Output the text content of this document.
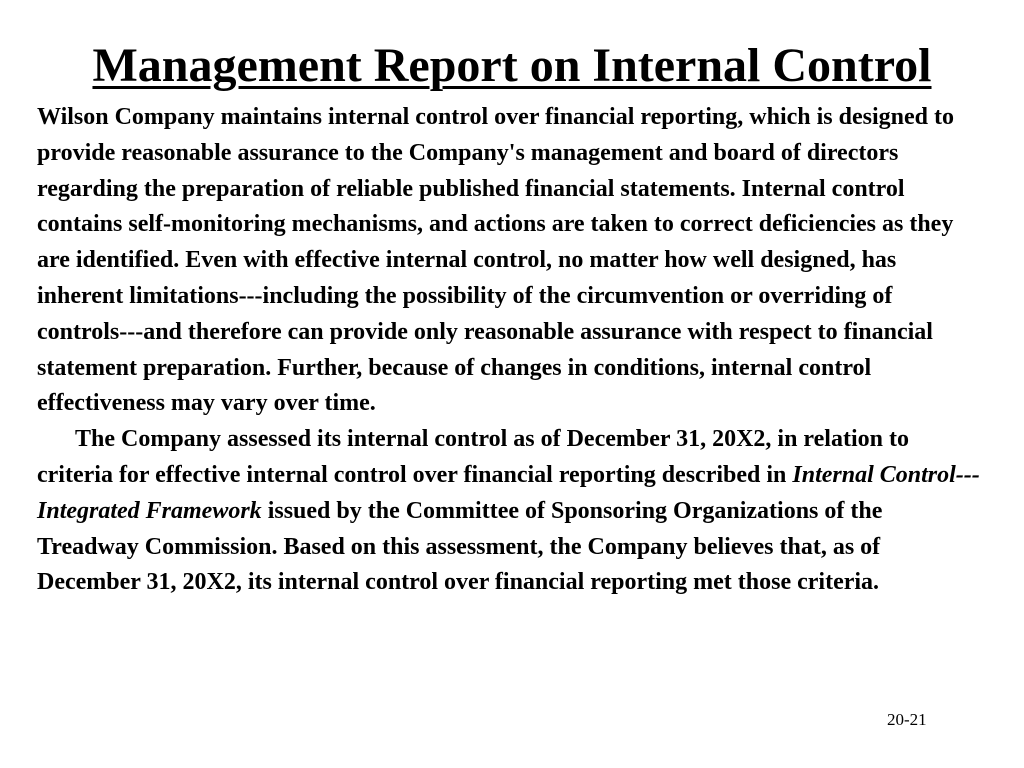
Management Report on Internal Control

Wilson Company maintains internal control over financial reporting, which is designed to provide reasonable assurance to the Company's management and board of directors regarding the preparation of reliable published financial statements. Internal control contains self-monitoring mechanisms, and actions are taken to correct deficiencies as they are identified. Even with effective internal control, no matter how well designed, has inherent limitations---including the possibility of the circumvention or overriding of controls---and therefore can provide only reasonable assurance with respect to financial statement preparation. Further, because of changes in conditions, internal control effectiveness may vary over time.

The Company assessed its internal control as of December 31, 20X2, in relation to criteria for effective internal control over financial reporting described in Internal Control---Integrated Framework issued by the Committee of Sponsoring Organizations of the Treadway Commission. Based on this assessment, the Company believes that, as of December 31, 20X2, its internal control over financial reporting met those criteria.

20-21
